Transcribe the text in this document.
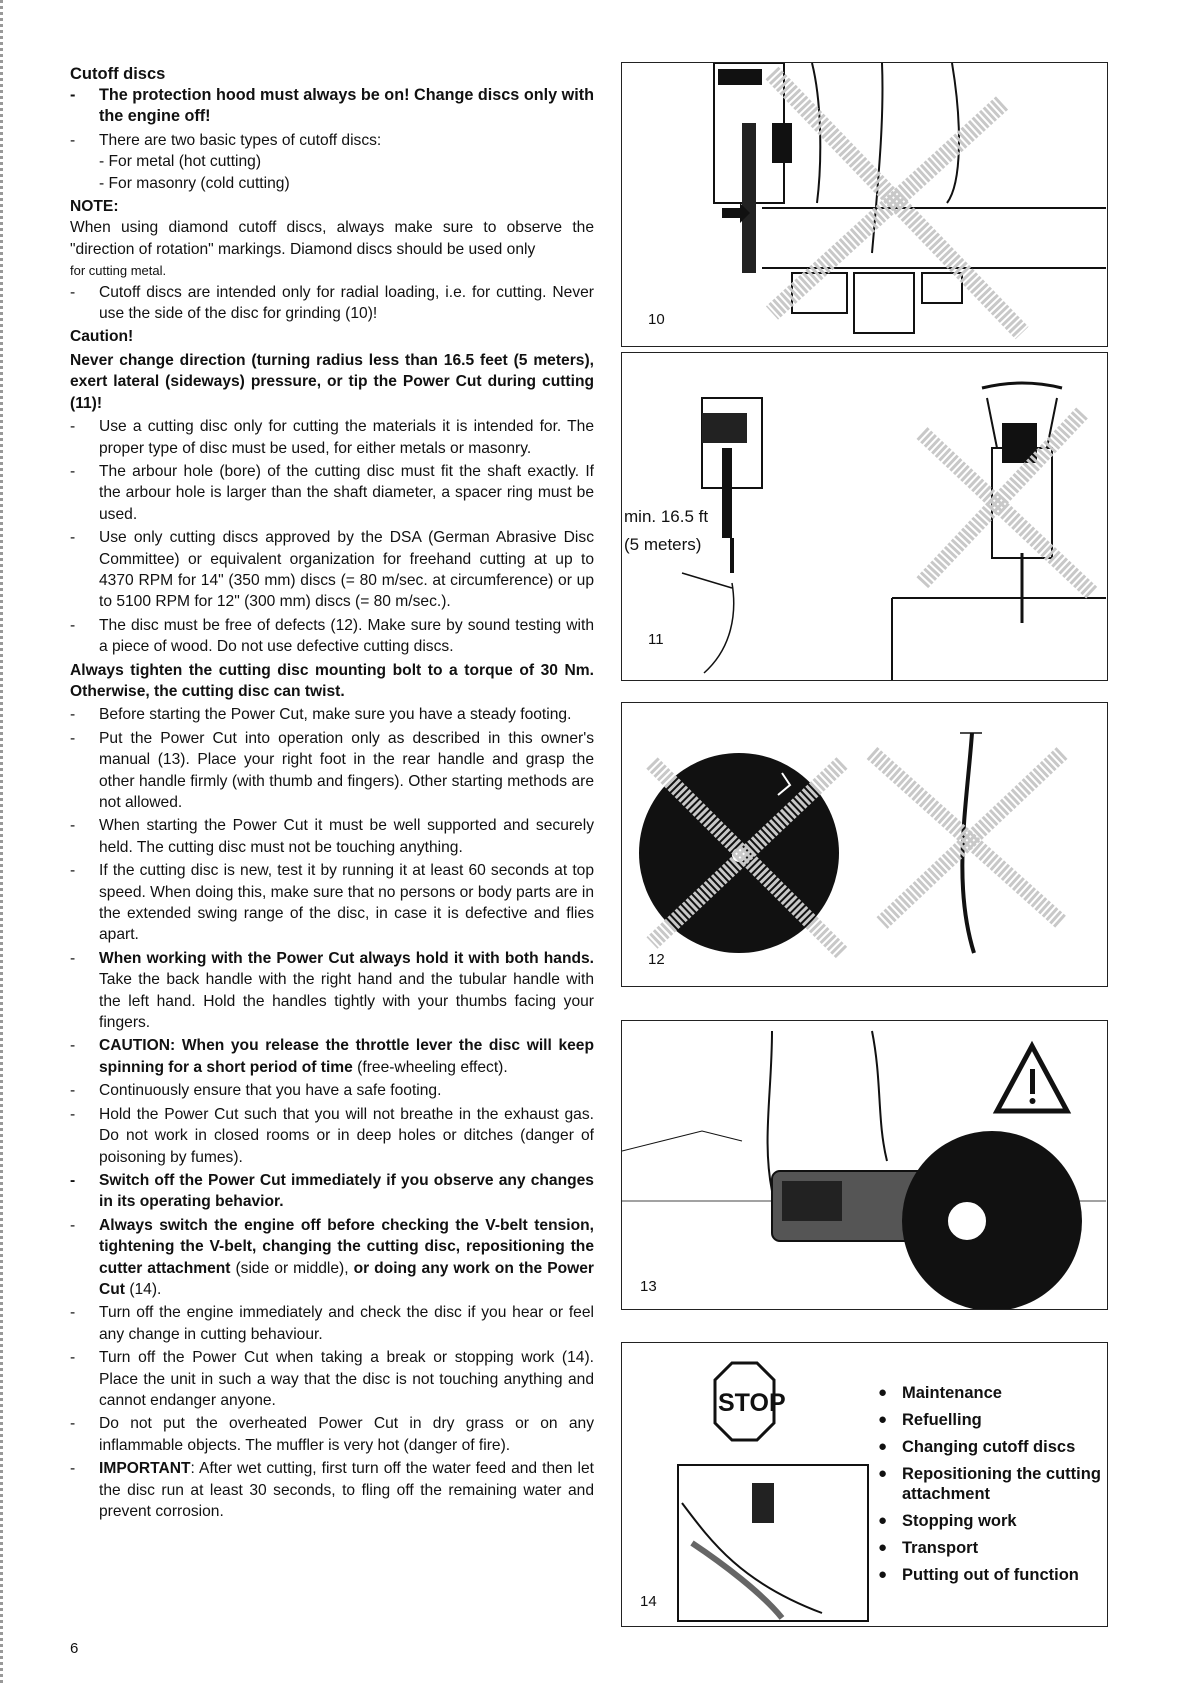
Cutoff discs
- The protection hood must always be on! Change discs only with the engine off!
- There are two basic types of cutoff discs:
- For metal (hot cutting)
- For masonry (cold cutting)
NOTE:
When using diamond cutoff discs, always make sure to observe the "direction of rotation" markings. Diamond discs should be used only
for cutting metal.
- Cutoff discs are intended only for radial loading, i.e. for cutting. Never use the side of the disc for grinding (10)!
Caution!
Never change direction (turning radius less than 16.5 feet (5 meters), exert lateral (sideways) pressure, or tip the Power Cut during cutting (11)!
- Use a cutting disc only for cutting the materials it is intended for. The proper type of disc must be used, for either metals or masonry.
- The arbour hole (bore) of the cutting disc must fit the shaft exactly. If the arbour hole is larger than the shaft diameter, a spacer ring must be used.
- Use only cutting discs approved by the DSA (German Abrasive Disc Committee) or equivalent organization for freehand cutting at up to 4370 RPM for 14" (350 mm) discs (= 80 m/sec. at circumference) or up to 5100 RPM for 12" (300 mm) discs (= 80 m/sec.).
- The disc must be free of defects (12). Make sure by sound testing with a piece of wood. Do not use defective cutting discs.
Always tighten the cutting disc mounting bolt to a torque of 30 Nm. Otherwise, the cutting disc can twist.
- Before starting the Power Cut, make sure you have a steady footing.
- Put the Power Cut into operation only as described in this owner's manual (13). Place your right foot in the rear handle and grasp the other handle firmly (with thumb and fingers). Other starting methods are not allowed.
- When starting the Power Cut it must be well supported and securely held. The cutting disc must not be touching anything.
- If the cutting disc is new, test it by running it at least 60 seconds at top speed. When doing this, make sure that no persons or body parts are in the extended swing range of the disc, in case it is defective and flies apart.
- When working with the Power Cut always hold it with both hands. Take the back handle with the right hand and the tubular handle with the left hand. Hold the handles tightly with your thumbs facing your fingers.
- CAUTION: When you release the throttle lever the disc will keep spinning for a short period of time (free-wheeling effect).
- Continuously ensure that you have a safe footing.
- Hold the Power Cut such that you will not breathe in the exhaust gas. Do not work in closed rooms or in deep holes or ditches (danger of poisoning by fumes).
- Switch off the Power Cut immediately if you observe any changes in its operating behavior.
- Always switch the engine off before checking the V-belt tension, tightening the V-belt, changing the cutting disc, repositioning the cutter attachment (side or middle), or doing any work on the Power Cut (14).
- Turn off the engine immediately and check the disc if you hear or feel any change in cutting behaviour.
- Turn off the Power Cut when taking a break or stopping work (14). Place the unit in such a way that the disc is not touching anything and cannot endanger anyone.
- Do not put the overheated Power Cut in dry grass or on any inflammable objects. The muffler is very hot (danger of fire).
- IMPORTANT: After wet cutting, first turn off the water feed and then let the disc run at least 30 seconds, to fling off the remaining water and prevent corrosion.
6
10
min. 16.5 ft
(5 meters)
11
12
13
STOP
14
● Maintenance
● Refuelling
● Changing cutoff discs
● Repositioning the cutting attachment
● Stopping work
● Transport
● Putting out of function
